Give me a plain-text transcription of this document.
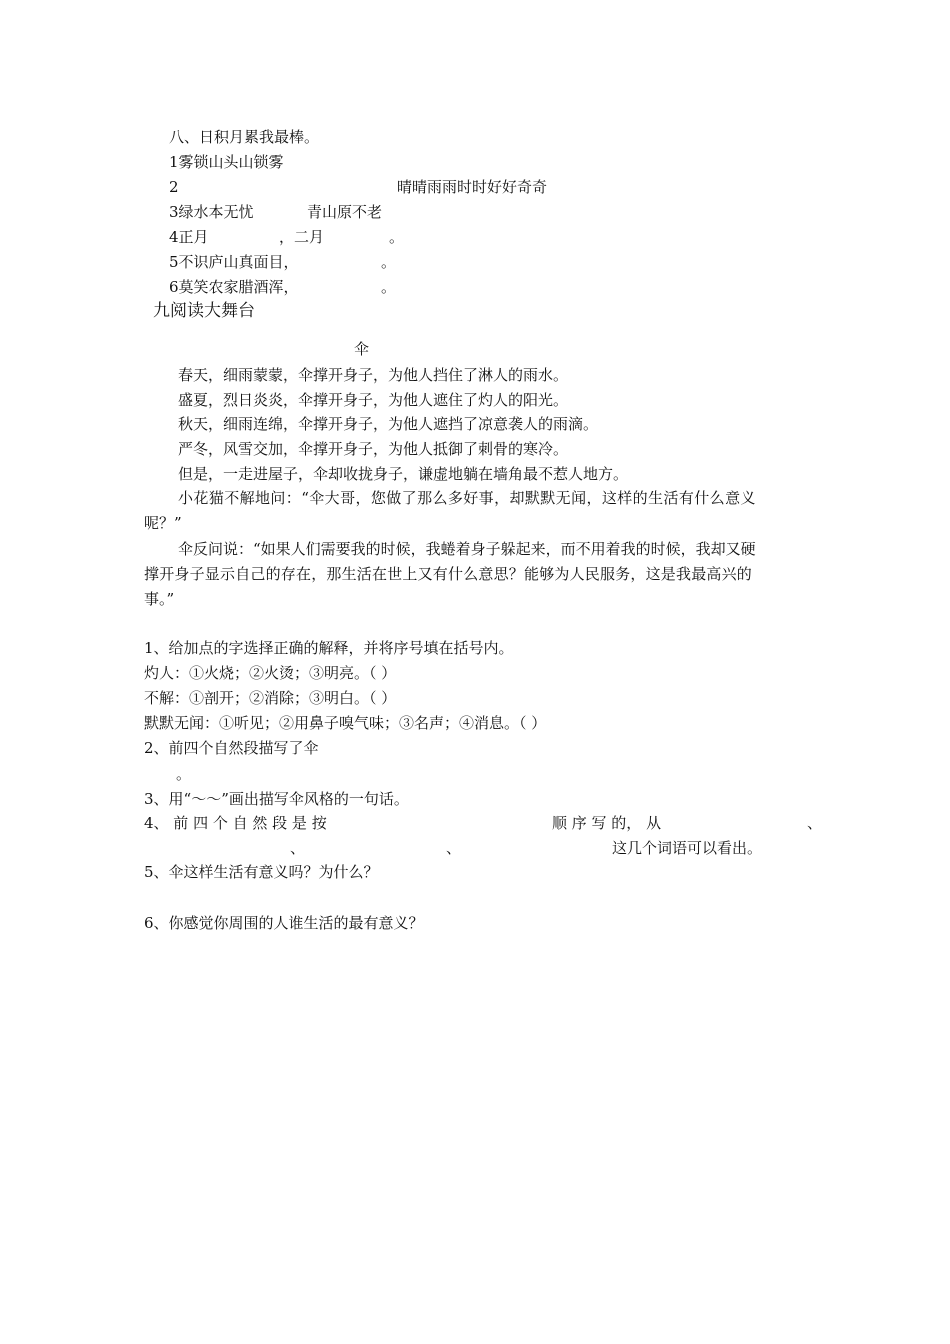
八、日积月累我最棒。
1雾锁山头山锁雾
2	晴晴雨雨时时好好奇奇
3绿水本无忧	青山原不老
4正月	，二月	。
5不识庐山真面目，	。
6莫笑农家腊酒浑，	。
九阅读大舞台
伞
春天，细雨蒙蒙，伞撑开身子，为他人挡住了淋人的雨水。
盛夏，烈日炎炎，伞撑开身子，为他人遮住了灼人的阳光。
秋天，细雨连绵，伞撑开身子，为他人遮挡了凉意袭人的雨滴。
严冬，风雪交加，伞撑开身子，为他人抵御了刺骨的寒冷。
但是，一走进屋子，伞却收拢身子，谦虚地躺在墙角最不惹人地方。
小花猫不解地问：“伞大哥，您做了那么多好事，却默默无闻，这样的生活有什么意义
呢？”
伞反问说：“如果人们需要我的时候，我蜷着身子躲起来，而不用着我的时候，我却又硬
撑开身子显示自己的存在，那生活在世上又有什么意思？能够为人民服务，这是我最高兴的
事。”
1、给加点的字选择正确的解释，并将序号填在括号内。
灼人：①火烧；②火烫；③明亮。（ ）
不解：①剖开；②消除；③明白。（ ）
默默无闻：①听见；②用鼻子嗅气味；③名声；④消息。（ ）
2、前四个自然段描写了伞
。
3、用“～～”画出描写伞风格的一句话。
4、 前 四 个 自 然 段 是 按	顺 序 写 的， 从	、
、	、	这几个词语可以看出。
5、伞这样生活有意义吗？为什么？
6、你感觉你周围的人谁生活的最有意义？
